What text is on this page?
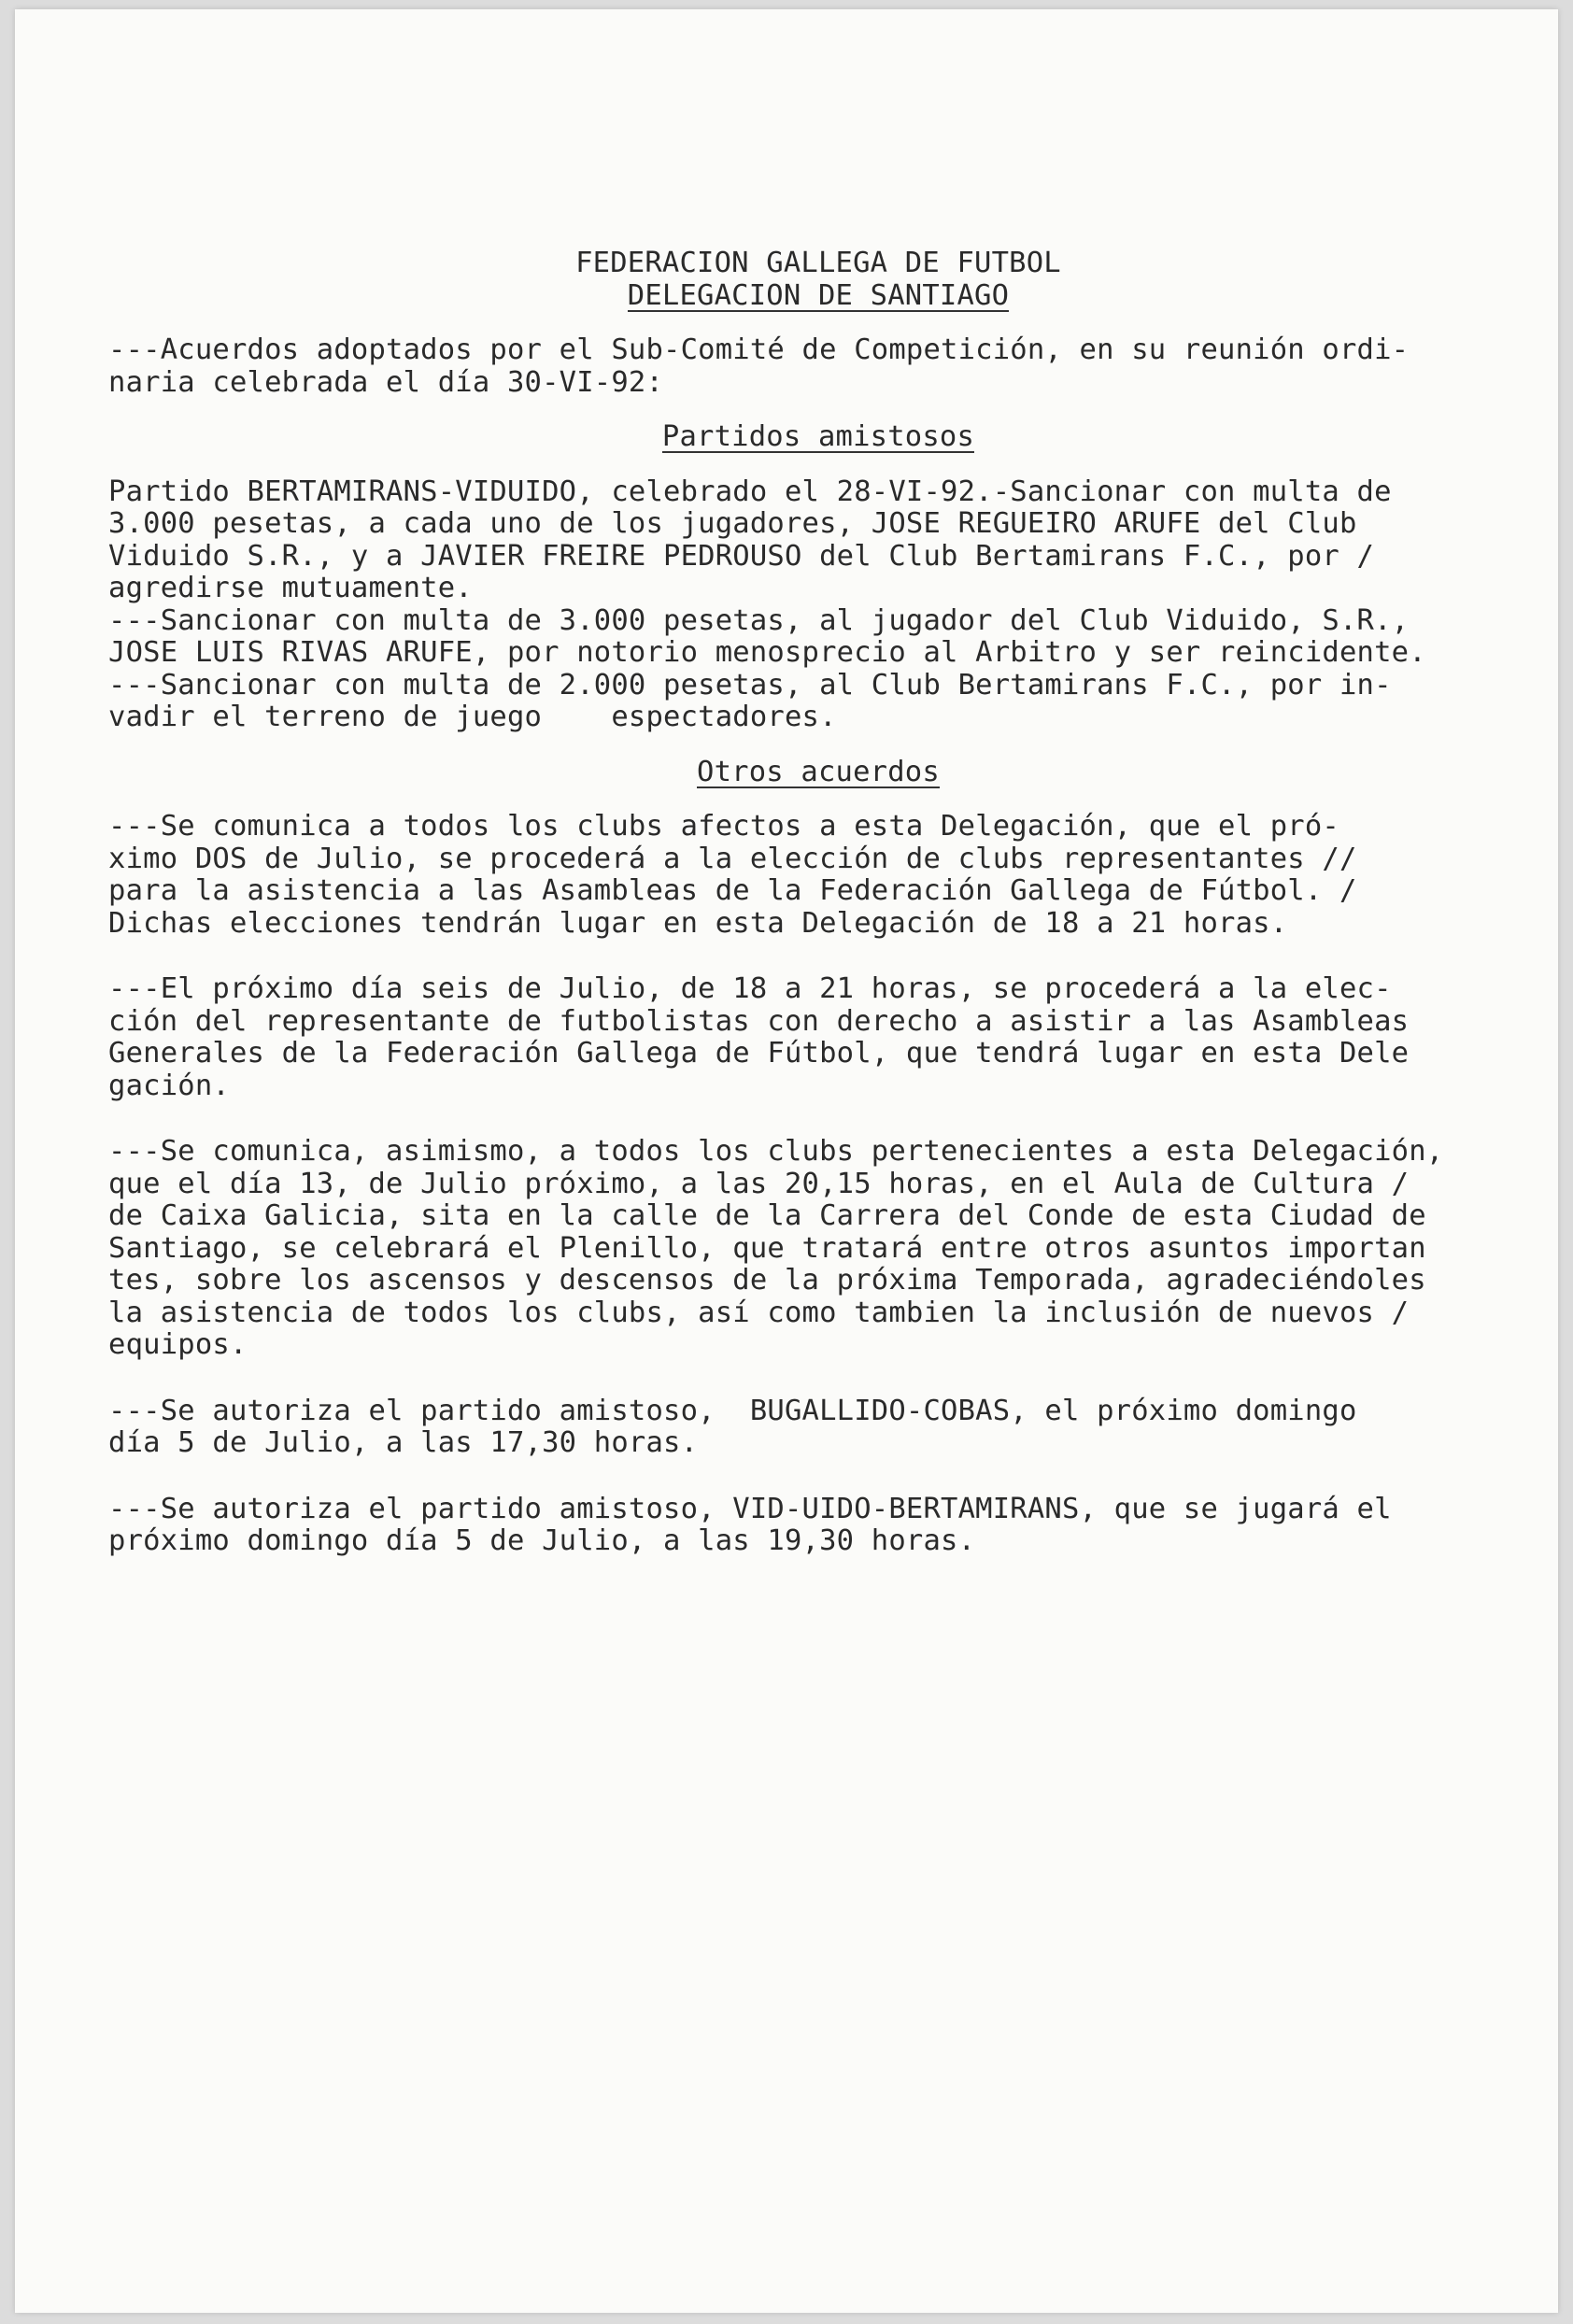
FEDERACION GALLEGA DE FUTBOL
DELEGACION DE SANTIAGO
---Acuerdos adoptados por el Sub-Comité de Competición, en su reunión ordi-
naria celebrada el día 30-VI-92:
Partidos amistosos
Partido BERTAMIRANS-VIDUIDO, celebrado el 28-VI-92.-Sancionar con multa de
3.000 pesetas, a cada uno de los jugadores, JOSE REGUEIRO ARUFE del Club
Viduido S.R., y a JAVIER FREIRE PEDROUSO del Club Bertamirans F.C., por /
agredirse mutuamente.
---Sancionar con multa de 3.000 pesetas, al jugador del Club Viduido, S.R.,
JOSE LUIS RIVAS ARUFE, por notorio menosprecio al Arbitro y ser reincidente.
---Sancionar con multa de 2.000 pesetas, al Club Bertamirans F.C., por in-
vadir el terreno de juego    espectadores.
Otros acuerdos
---Se comunica a todos los clubs afectos a esta Delegación, que el pró-
ximo DOS de Julio, se procederá a la elección de clubs representantes //
para la asistencia a las Asambleas de la Federación Gallega de Fútbol. /
Dichas elecciones tendrán lugar en esta Delegación de 18 a 21 horas.
---El próximo día seis de Julio, de 18 a 21 horas, se procederá a la elec-
ción del representante de futbolistas con derecho a asistir a las Asambleas
Generales de la Federación Gallega de Fútbol, que tendrá lugar en esta Dele
gación.
---Se comunica, asimismo, a todos los clubs pertenecientes a esta Delegación,
que el día 13, de Julio próximo, a las 20,15 horas, en el Aula de Cultura /
de Caixa Galicia, sita en la calle de la Carrera del Conde de esta Ciudad de
Santiago, se celebrará el Plenillo, que tratará entre otros asuntos importan
tes, sobre los ascensos y descensos de la próxima Temporada, agradeciéndoles
la asistencia de todos los clubs, así como tambien la inclusión de nuevos /
equipos.
---Se autoriza el partido amistoso,  BUGALLIDO-COBAS, el próximo domingo
día 5 de Julio, a las 17,30 horas.
---Se autoriza el partido amistoso, VID-UIDO-BERTAMIRANS, que se jugará el
próximo domingo día 5 de Julio, a las 19,30 horas.
